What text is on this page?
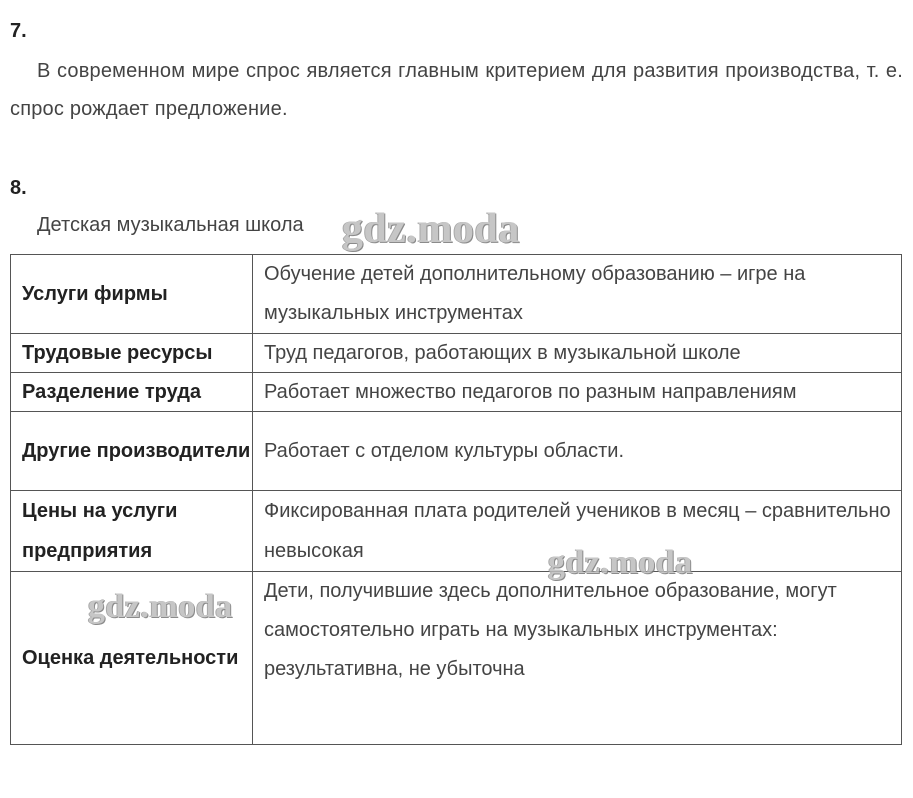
7.
В современном мире спрос является главным критерием для развития производства, т. е. спрос рождает предложение.
8.
Детская музыкальная школа
Услуги фирмы	Обучение детей дополнительному образованию – игре на музыкальных инструментах
Трудовые ресурсы	Труд педагогов, работающих в музыкальной школе
Разделение труда	Работает множество педагогов по разным направлениям
Другие производители	Работает с отделом культуры области.
Цены на услуги предприятия	Фиксированная плата родителей учеников в месяц – сравнительно невысокая
Оценка деятельности	Дети, получившие здесь дополнительное образование, могут самостоятельно играть на музыкальных инструментах: результативна, не убыточна
gdz.moda
gdz.moda
gdz.moda
